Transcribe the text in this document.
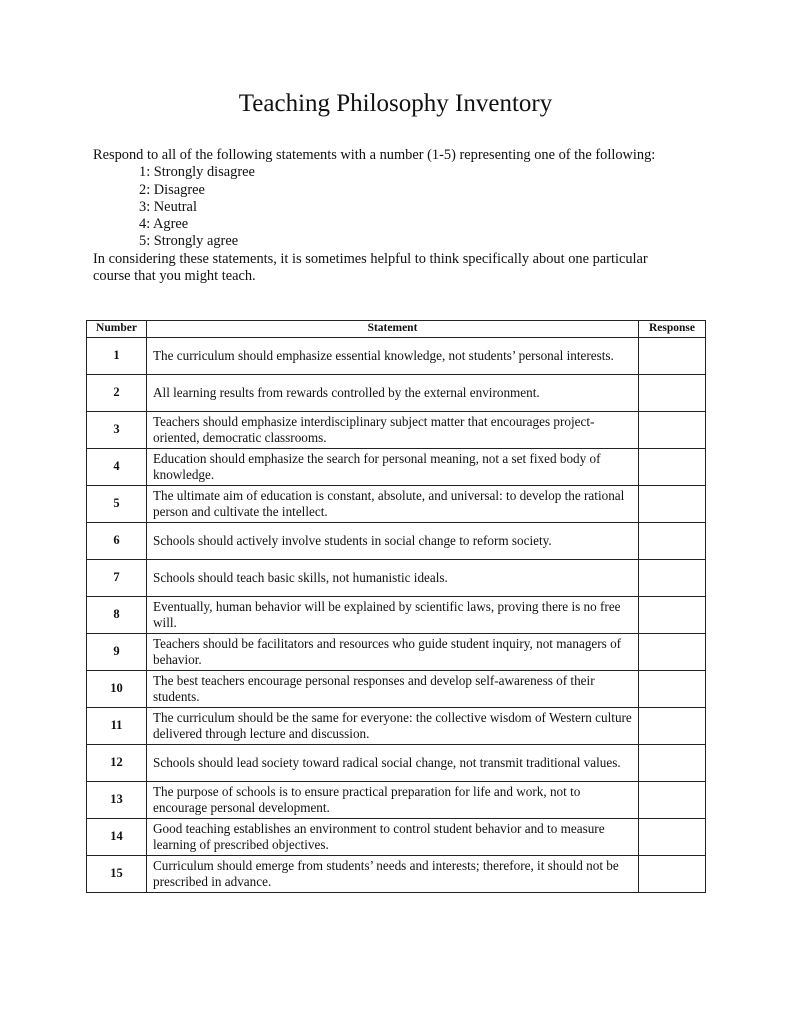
Teaching Philosophy Inventory

Respond to all of the following statements with a number (1-5) representing one of the following:

1: Strongly disagree
2: Disagree
3: Neutral
4: Agree
5: Strongly agree

In considering these statements, it is sometimes helpful to think specifically about one particular course that you might teach.

Number	Statement	Response
1	The curriculum should emphasize essential knowledge, not students’ personal interests.	
2	All learning results from rewards controlled by the external environment.	
3	Teachers should emphasize interdisciplinary subject matter that encourages project-oriented, democratic classrooms.	
4	Education should emphasize the search for personal meaning, not a set fixed body of knowledge.	
5	The ultimate aim of education is constant, absolute, and universal: to develop the rational person and cultivate the intellect.	
6	Schools should actively involve students in social change to reform society.	
7	Schools should teach basic skills, not humanistic ideals.	
8	Eventually, human behavior will be explained by scientific laws, proving there is no free will.	
9	Teachers should be facilitators and resources who guide student inquiry, not managers of behavior.	
10	The best teachers encourage personal responses and develop self-awareness of their students.	
11	The curriculum should be the same for everyone: the collective wisdom of Western culture delivered through lecture and discussion.	
12	Schools should lead society toward radical social change, not transmit traditional values.	
13	The purpose of schools is to ensure practical preparation for life and work, not to encourage personal development.	
14	Good teaching establishes an environment to control student behavior and to measure learning of prescribed objectives.	
15	Curriculum should emerge from students’ needs and interests; therefore, it should not be prescribed in advance.	
